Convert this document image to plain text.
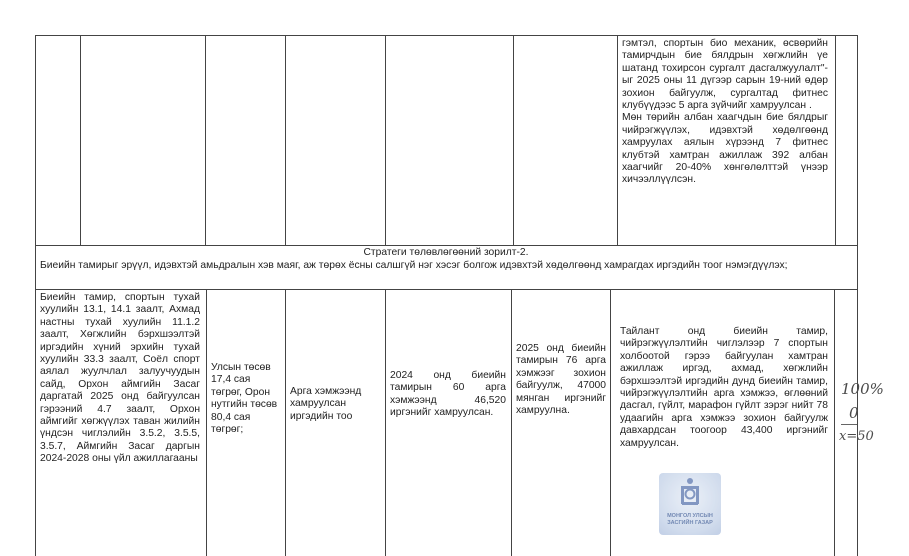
гэмтэл, спортын био механик, өсвөрийн тамирчдын бие бялдрын хөгжлийн үе шатанд тохирсон сургалт дасгалжуулалт"-ыг 2025 оны 11 дүгээр сарын 19-ний өдөр зохион байгуулж, сургалтад фитнес клубүүдээс 5 арга зүйчийг хамруулсан .

Мөн төрийн албан хаагчдын бие бялдрыг чийрэгжүүлэх, идэвхтэй хөдөлгөөнд хамруулах аялын хүрээнд 7 фитнес клубтэй хамтран ажиллаж 392 албан хаагчийг 20-40% хөнгөлөлттэй үнээр хичээллүүлсэн.

Стратеги төлөвлөгөөний зорилт-2.
Биеийн тамирыг эрүүл, идэвхтэй амьдралын хэв маяг, аж төрөх ёсны салшгүй нэг хэсэг болгож идэвхтэй хөдөлгөөнд хамрагдах иргэдийн тоог нэмэгдүүлэх;
Биеийн тамир, спортын тухай хуулийн 13.1, 14.1 заалт, Ахмад настны тухай хуулийн 11.1.2 заалт, Хөгжлийн бэрхшээлтэй иргэдийн хүний эрхийн тухай хуулийн 33.3 заалт, Соёл спорт аялал жуулчлал залуучуудын сайд, Орхон аймгийн Засаг даргатай 2025 онд байгуулсан гэрээний 4.7 заалт, Орхон аймгийг хөгжүүлэх таван жилийн үндсэн чиглэлийн 3.5.2, 3.5.5, 3.5.7, Аймгийн Засаг даргын 2024-2028 оны үйл ажиллагааны
Улсын төсөв 17,4 сая төгрөг, Орон нутгийн төсөв 80,4 сая төгрөг;
Арга хэмжээнд хамруулсан иргэдийн тоо
2024 онд биеийн тамирын 60 арга хэмжээнд 46,520 иргэнийг хамруулсан.
2025 онд биеийн тамирын 76 арга хэмжээг зохион байгуулж, 47000 мянган иргэнийг хамруулна.
Тайлант онд биеийн тамир, чийрэгжүүлэлтийн чиглэлээр 7 спортын холбоотой гэрээ байгуулан хамтран ажиллаж иргэд, ахмад, хөгжлийн бэрхшээлтэй иргэдийн дунд биеийн тамир, чийрэгжүүлэлтийн арга хэмжээ, өглөөний дасгал, гүйлт, марафон гүйлт зэрэг нийт 78 удаагийн арга хэмжээ зохион байгуулж давхардсан тоогоор 43,400 иргэнийг хамруулсан.
100%
0
x=50
МОНГОЛ УЛСЫН
ЗАСГИЙН ГАЗАР
